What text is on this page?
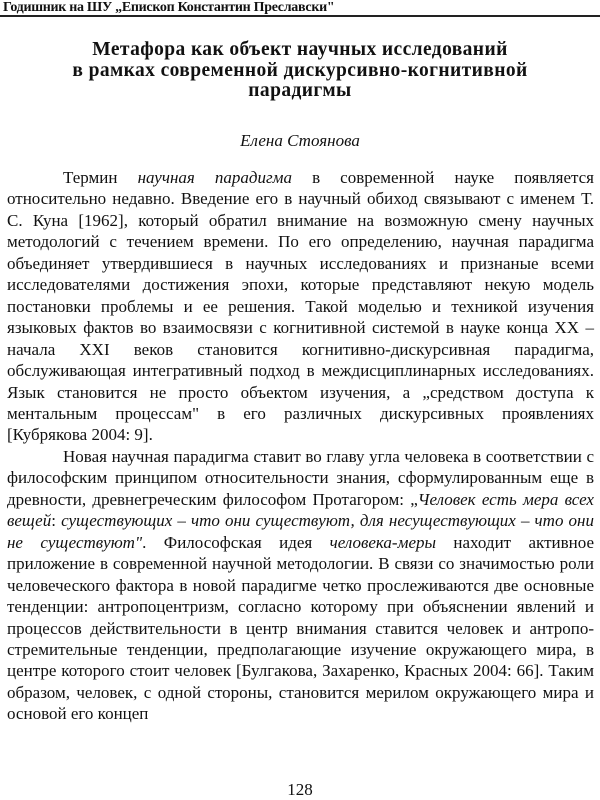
Годишник на ШУ „Епископ Константин Преславски"
Метафора как объект научных исследований
в рамках современной дискурсивно-когнитивной
парадигмы
Елена Стоянова

Термин научная парадигма в современной науке появляется относительно недавно. Введение его в научный обиход связывают с именем Т. С. Куна [1962], который обратил внимание на возможную смену научных методологий с течением времени. По его определению, научная парадигма объединяет утвердившиеся в научных исследованиях и признаные всеми исследователями достижения эпохи, которые представляют некую модель постановки проблемы и ее решения. Такой моделью и техникой изучения языковых фактов во взаимосвязи с когнитивной системой в науке конца XX – начала XXI веков становится когнитивно-дискурсивная парадигма, обслуживающая интегративный подход в междисциплинарных исследованиях. Язык становится не просто объектом изучения, а „средством доступа к ментальным процессам" в его различных дискурсивных проявлениях [Кубрякова 2004: 9].

Новая научная парадигма ставит во главу угла человека в соответствии с философским принципом относительности знания, сформулированным еще в древности, древнегреческим философом Протагором: „Человек есть мера всех вещей: существующих – что они существуют, для несуществующих – что они не существуют". Философская идея человека-меры находит активное приложение в современной научной методологии. В связи со значимостью роли человеческого фактора в новой парадигме четко прослеживаются две основные тенденции: антропоцентризм, согласно которому при объяснении явлений и процессов действительности в центр внимания ставится человек и антропостремительные тенденции, предполагающие изучение окружающего мира, в центре которого стоит человек [Булгакова, Захаренко, Красных 2004: 66]. Таким образом, человек, с одной стороны, становится мерилом окружающего мира и основой его концеп

128
